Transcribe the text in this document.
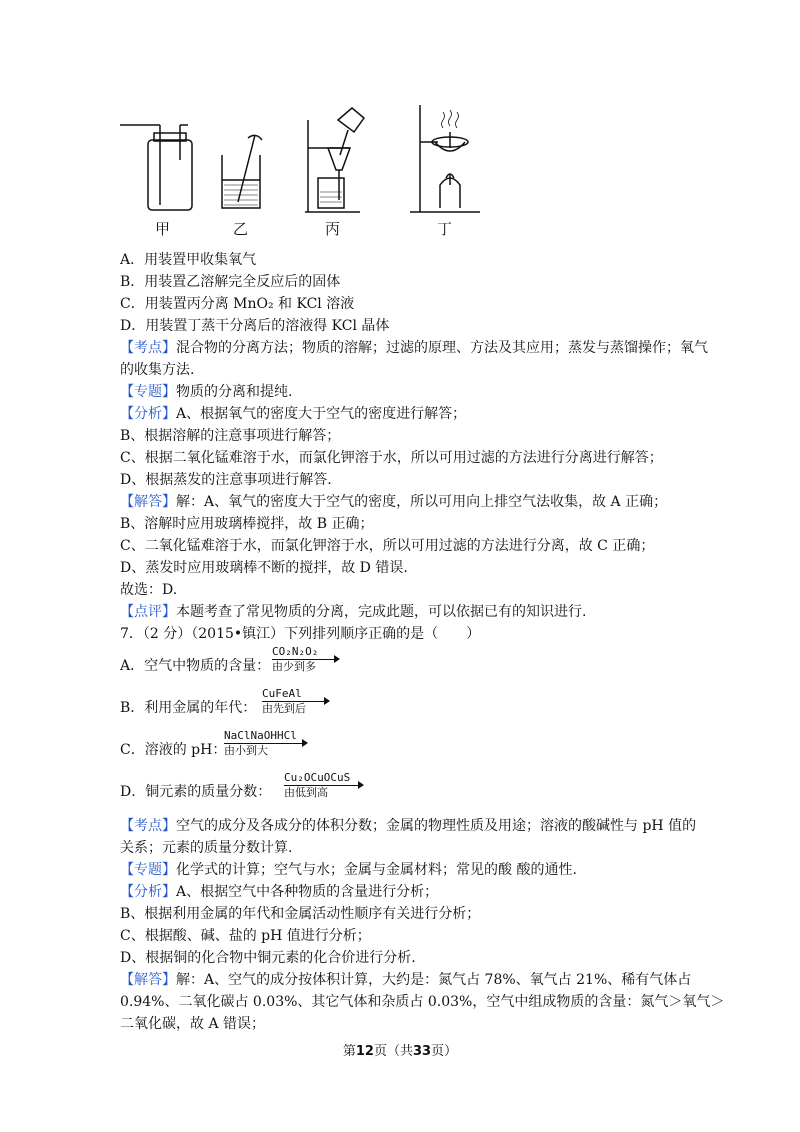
甲	乙	丙	丁
A．用装置甲收集氧气
B．用装置乙溶解完全反应后的固体
C．用装置丙分离 MnO₂ 和 KCl 溶液
D．用装置丁蒸干分离后的溶液得 KCl 晶体
【考点】混合物的分离方法；物质的溶解；过滤的原理、方法及其应用；蒸发与蒸馏操作；氧气
的收集方法.
【专题】物质的分离和提纯.
【分析】A、根据氧气的密度大于空气的密度进行解答；
B、根据溶解的注意事项进行解答；
C、根据二氧化锰难溶于水，而氯化钾溶于水，所以可用过滤的方法进行分离进行解答；
D、根据蒸发的注意事项进行解答.
【解答】解：A、氧气的密度大于空气的密度，所以可用向上排空气法收集，故 A 正确；
B、溶解时应用玻璃棒搅拌，故 B 正确；
C、二氧化锰难溶于水，而氯化钾溶于水，所以可用过滤的方法进行分离，故 C 正确；
D、蒸发时应用玻璃棒不断的搅拌，故 D 错误.
故选：D.
【点评】本题考查了常见物质的分离，完成此题，可以依据已有的知识进行.
7．（2 分）（2015•镇江）下列排列顺序正确的是（　　）
A．空气中物质的含量：
CO₂N₂O₂
由少到多
B．利用金属的年代：
CuFeAl
由先到后
C．溶液的 pH：
NaClNaOHHCl
由小到大
D．铜元素的质量分数：
Cu₂OCuOCuS
由低到高
【考点】空气的成分及各成分的体积分数；金属的物理性质及用途；溶液的酸碱性与 pH 值的
关系；元素的质量分数计算.
【专题】化学式的计算；空气与水；金属与金属材料；常见的酸 酸的通性.
【分析】A、根据空气中各种物质的含量进行分析；
B、根据利用金属的年代和金属活动性顺序有关进行分析；
C、根据酸、碱、盐的 pH 值进行分析；
D、根据铜的化合物中铜元素的化合价进行分析.
【解答】解：A、空气的成分按体积计算，大约是：氮气占 78%、氧气占 21%、稀有气体占
0.94%、二氧化碳占 0.03%、其它气体和杂质占 0.03%，空气中组成物质的含量：氮气＞氧气＞
二氧化碳，故 A 错误；
第12页（共33页）
